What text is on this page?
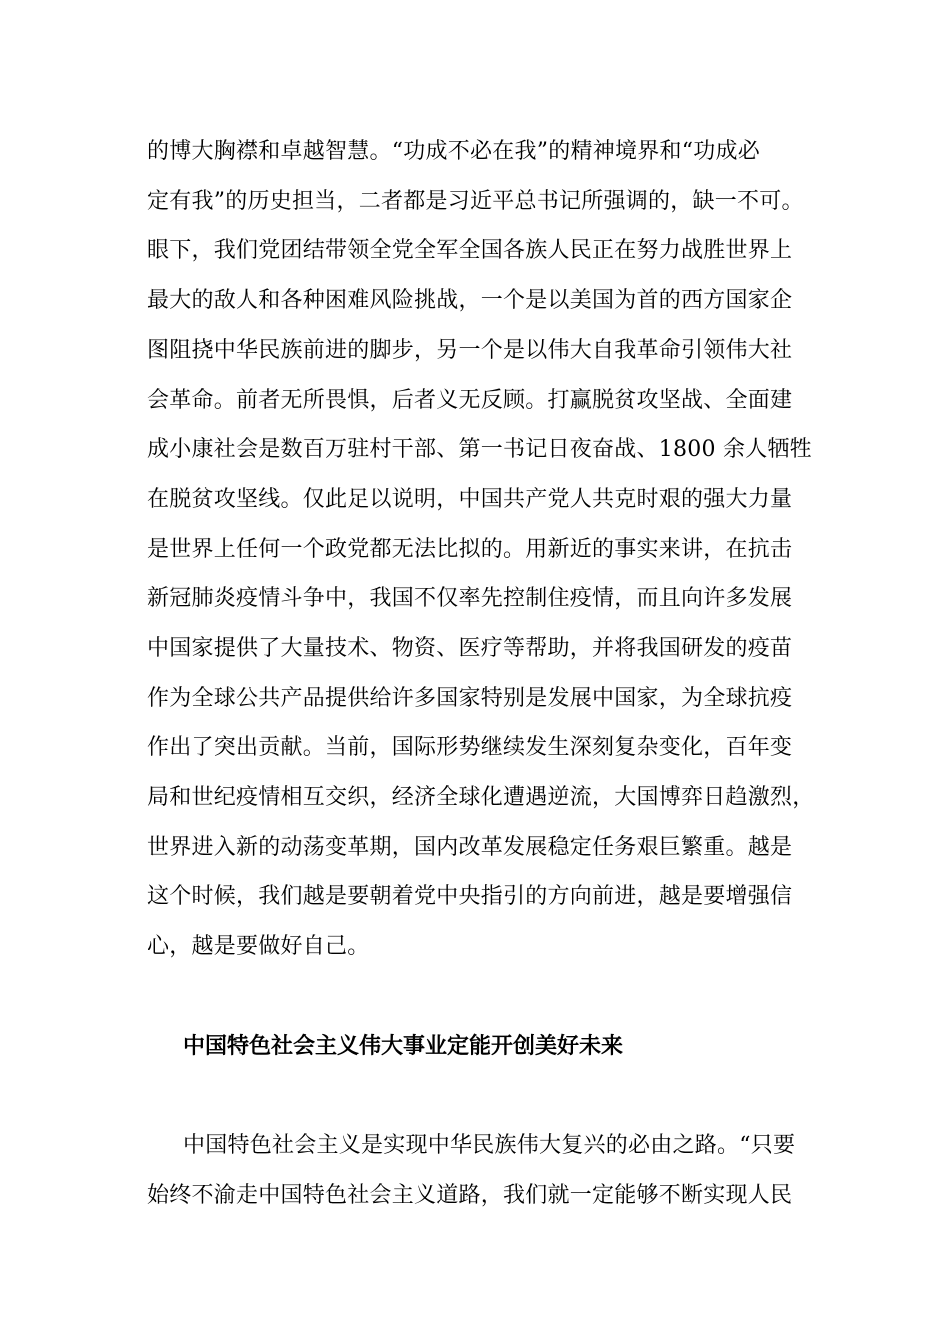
的博大胸襟和卓越智慧。“功成不必在我”的精神境界和“功成必
定有我”的历史担当，二者都是习近平总书记所强调的，缺一不可。
眼下，我们党团结带领全党全军全国各族人民正在努力战胜世界上
最大的敌人和各种困难风险挑战，一个是以美国为首的西方国家企
图阻挠中华民族前进的脚步，另一个是以伟大自我革命引领伟大社
会革命。前者无所畏惧，后者义无反顾。打赢脱贫攻坚战、全面建
成小康社会是数百万驻村干部、第一书记日夜奋战、1800 余人牺牲
在脱贫攻坚线。仅此足以说明，中国共产党人共克时艰的强大力量
是世界上任何一个政党都无法比拟的。用新近的事实来讲，在抗击
新冠肺炎疫情斗争中，我国不仅率先控制住疫情，而且向许多发展
中国家提供了大量技术、物资、医疗等帮助，并将我国研发的疫苗
作为全球公共产品提供给许多国家特别是发展中国家，为全球抗疫
作出了突出贡献。当前，国际形势继续发生深刻复杂变化，百年变
局和世纪疫情相互交织，经济全球化遭遇逆流，大国博弈日趋激烈，
世界进入新的动荡变革期，国内改革发展稳定任务艰巨繁重。越是
这个时候，我们越是要朝着党中央指引的方向前进，越是要增强信
心，越是要做好自己。
中国特色社会主义伟大事业定能开创美好未来
中国特色社会主义是实现中华民族伟大复兴的必由之路。“只要
始终不渝走中国特色社会主义道路，我们就一定能够不断实现人民
